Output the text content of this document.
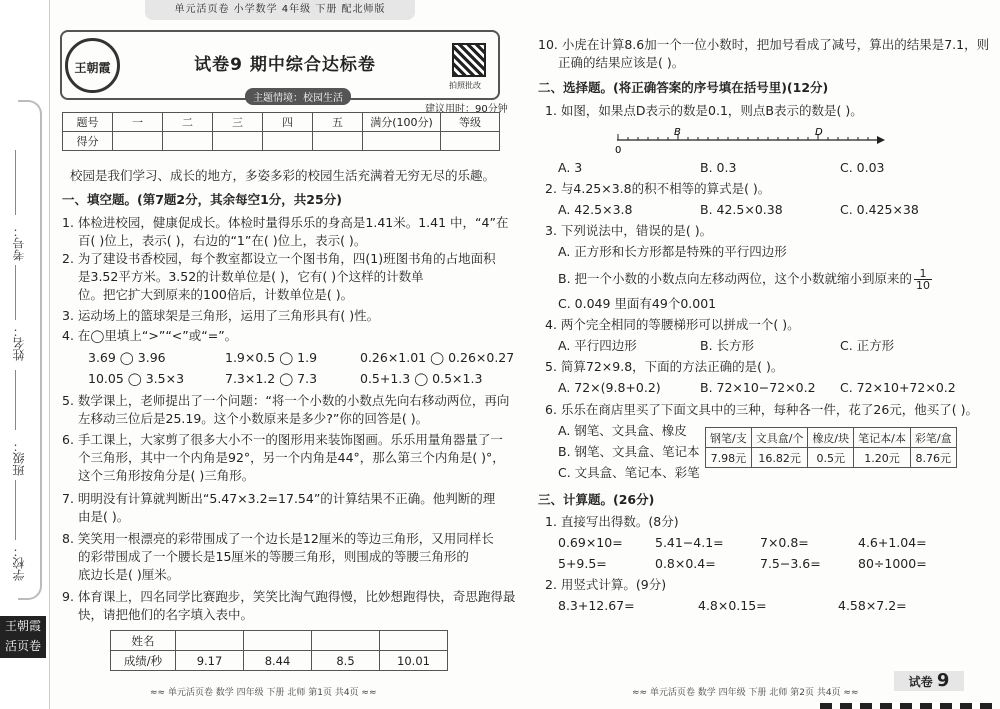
考号：
姓名：
班级：
学校：
王朝霞 活页卷
单元活页卷 小学数学 4年级 下册 配北师版
王朝霞	试卷9 期中综合达标卷
主题情境：校园生活
拍照批改
建议用时：90分钟
题号	一	二	三	四	五	满分(100分)	等级
得分							
校园是我们学习、成长的地方，多姿多彩的校园生活充满着无穷无尽的乐趣。
一、填空题。(第7题2分，其余每空1分，共25分)
1. 体检进校园，健康促成长。体检时量得乐乐的身高是1.41米。1.41 中，“4”在
百( )位上，表示( )，右边的“1”在( )位上，表示( )。
2. 为了建设书香校园，每个教室都设立一个图书角，四(1)班图书角的占地面积
是3.52平方米。3.52的计数单位是( )，它有( )个这样的计数单
位。把它扩大到原来的100倍后，计数单位是( )。
3. 运动场上的篮球架是三角形，运用了三角形具有( )性。
4. 在◯里填上“>”“<”或“=”。
3.69 ◯ 3.96	1.9×0.5 ◯ 1.9	0.26×1.01 ◯ 0.26×0.27
10.05 ◯ 3.5×3	7.3×1.2 ◯ 7.3	0.5+1.3 ◯ 0.5×1.3
5. 数学课上，老师提出了一个问题：“将一个小数的小数点先向右移动两位，再向
左移动三位后是25.19。这个小数原来是多少?”你的回答是( )。
6. 手工课上，大家剪了很多大小不一的图形用来装饰图画。乐乐用量角器量了一
个三角形，其中一个内角是92°，另一个内角是44°，那么第三个内角是( )°，
这个三角形按角分是( )三角形。
7. 明明没有计算就判断出“5.47×3.2=17.54”的计算结果不正确。他判断的理
由是( )。
8. 笑笑用一根漂亮的彩带围成了一个边长是12厘米的等边三角形，又用同样长
的彩带围成了一个腰长是15厘米的等腰三角形，则围成的等腰三角形的
底边长是( )厘米。
9. 体育课上，四名同学比赛跑步，笑笑比淘气跑得慢，比妙想跑得快，奇思跑得最
快，请把他们的名字填入表中。
姓名				
成绩/秒	9.17	8.44	8.5	10.01
≈≈ 单元活页卷 数学 四年级 下册 北师 第1页 共4页 ≈≈
10. 小虎在计算8.6加一个一位小数时，把加号看成了减号，算出的结果是7.1，则
正确的结果应该是( )。
二、选择题。(将正确答案的序号填在括号里)(12分)
1. 如图，如果点D表示的数是0.1，则点B表示的数是( )。
0
B	D
A. 3	B. 0.3	C. 0.03
2. 与4.25×3.8的积不相等的算式是( )。
A. 42.5×3.8	B. 42.5×0.38	C. 0.425×38
3. 下列说法中，错误的是( )。
A. 正方形和长方形都是特殊的平行四边形
B. 把一个小数的小数点向左移动两位，这个小数就缩小到原来的 $\frac{1}{10}$
C. 0.049 里面有49个0.001
4. 两个完全相同的等腰梯形可以拼成一个( )。
A. 平行四边形	B. 长方形	C. 正方形
5. 简算72×9.8，下面的方法正确的是( )。
A. 72×(9.8+0.2)	B. 72×10−72×0.2 C. 72×10+72×0.2
6. 乐乐在商店里买了下面文具中的三种，每种各一件，花了26元，他买了( )。
A. 钢笔、文具盒、橡皮
B. 钢笔、文具盒、笔记本
C. 文具盒、笔记本、彩笔
钢笔/支	文具盒/个	橡皮/块	笔记本/本	彩笔/盒
7.98元	16.82元	0.5元	1.20元	8.76元
三、计算题。(26分)
1. 直接写出得数。(8分)
0.69×10=	5.41−4.1=	7×0.8=	4.6+1.04=
5+9.5=	0.8×0.4=	7.5−3.6=	80÷1000=
2. 用竖式计算。(9分)
8.3+12.67=	4.8×0.15=	4.58×7.2=
≈≈ 单元活页卷 数学 四年级 下册 北师 第2页 共4页 ≈≈
试卷 9
